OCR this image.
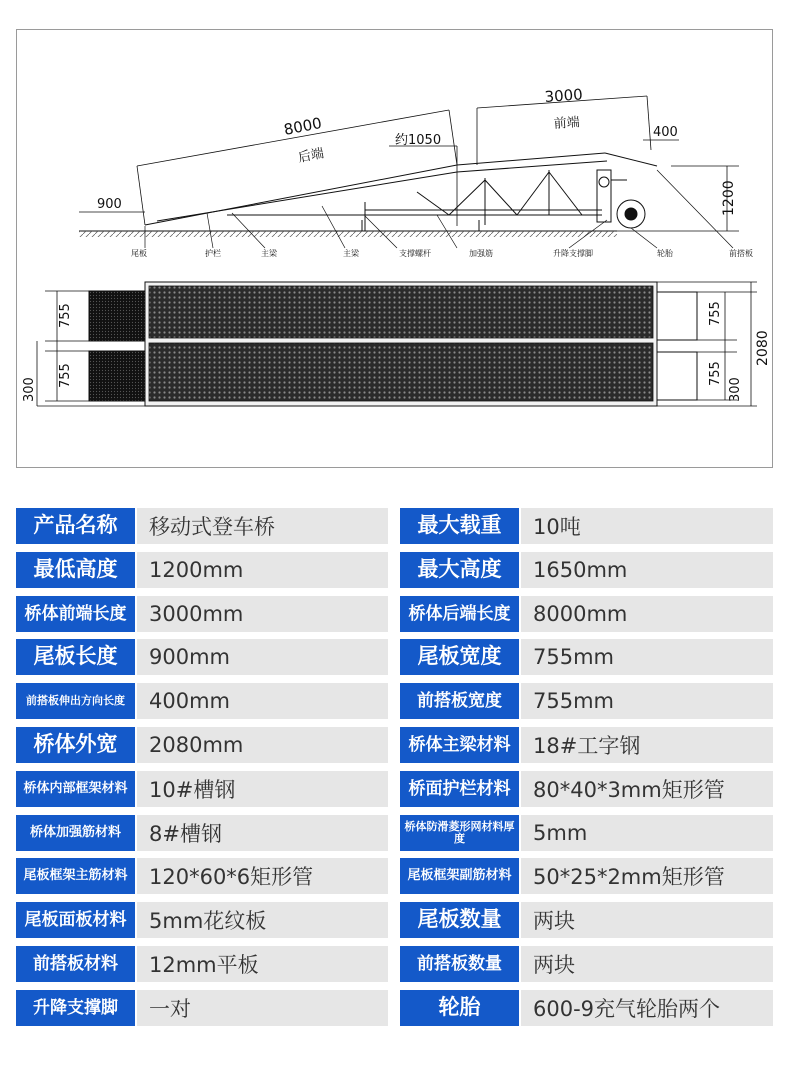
8000
3000
约1050
400
900	1200
后端
前端
尾板	护栏	主梁	主梁	支撑螺杆	加强筋	升降支撑脚	轮胎	前搭板
755
755
300
755
755
300
2080
产品名称	移动式登车桥	最大载重	10吨
最低高度	1200mm	最大高度	1650mm
桥体前端长度	3000mm	桥体后端长度	8000mm
尾板长度	900mm	尾板宽度	755mm
前搭板伸出方向长度	400mm	前搭板宽度	755mm
桥体外宽	2080mm	桥体主梁材料	18#工字钢
桥体内部框架材料	10#槽钢	桥面护栏材料	80*40*3mm矩形管
桥体加强筋材料	8#槽钢	桥体防滑菱形网材料厚度	5mm
尾板框架主筋材料	120*60*6矩形管	尾板框架副筋材料	50*25*2mm矩形管
尾板面板材料	5mm花纹板	尾板数量	两块
前搭板材料	12mm平板	前搭板数量	两块
升降支撑脚	一对	轮胎	600-9充气轮胎两个
